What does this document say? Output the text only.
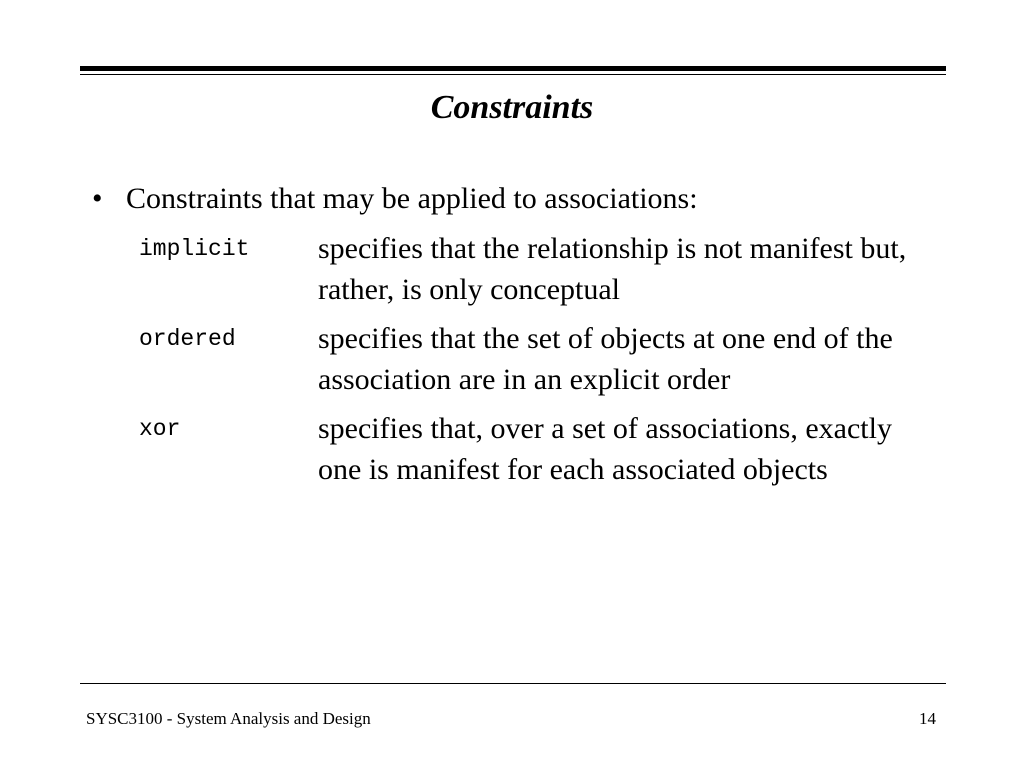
Constraints
• Constraints that may be applied to associations:
implicit specifies that the relationship is not manifest but, rather, is only conceptual

ordered	specifies that the set of objects at one end of the association are in an explicit order

xor	specifies that, over a set of associations, exactly one is manifest for each associated objects

SYSC3100 - System Analysis and Design	14
